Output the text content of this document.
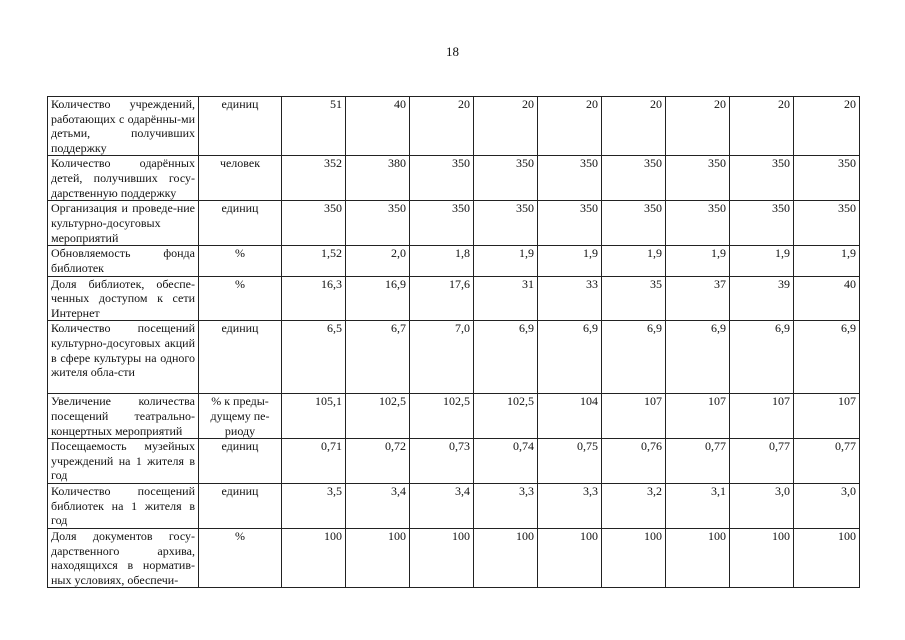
18
Количество учреждений, работающих с одарённы-ми детьми, получивших поддержку	единиц	51	40	20	20	20	20	20	20	20
Количество одарённых детей, получивших госу-дарственную поддержку	человек	352	380	350	350	350	350	350	350	350
Организация и проведе-ние культурно-досуговых мероприятий	единиц	350	350	350	350	350	350	350	350	350
Обновляемость фонда библиотек	%	1,52	2,0	1,8	1,9	1,9	1,9	1,9	1,9	1,9
Доля библиотек, обеспе-ченных доступом к сети Интернет	%	16,3	16,9	17,6	31	33	35	37	39	40
Количество посещений культурно-досуговых акций в сфере культуры на одного жителя обла-сти	единиц	6,5	6,7	7,0	6,9	6,9	6,9	6,9	6,9	6,9
Увеличение количества посещений театрально-концертных мероприятий	% к преды-дущему пе-риоду	105,1	102,5	102,5	102,5	104	107	107	107	107
Посещаемость музейных учреждений на 1 жителя в год	единиц	0,71	0,72	0,73	0,74	0,75	0,76	0,77	0,77	0,77
Количество посещений библиотек на 1 жителя в год	единиц	3,5	3,4	3,4	3,3	3,3	3,2	3,1	3,0	3,0
Доля документов госу-дарственного архива, находящихся в норматив-ных условиях, обеспечи-	%	100	100	100	100	100	100	100	100	100
